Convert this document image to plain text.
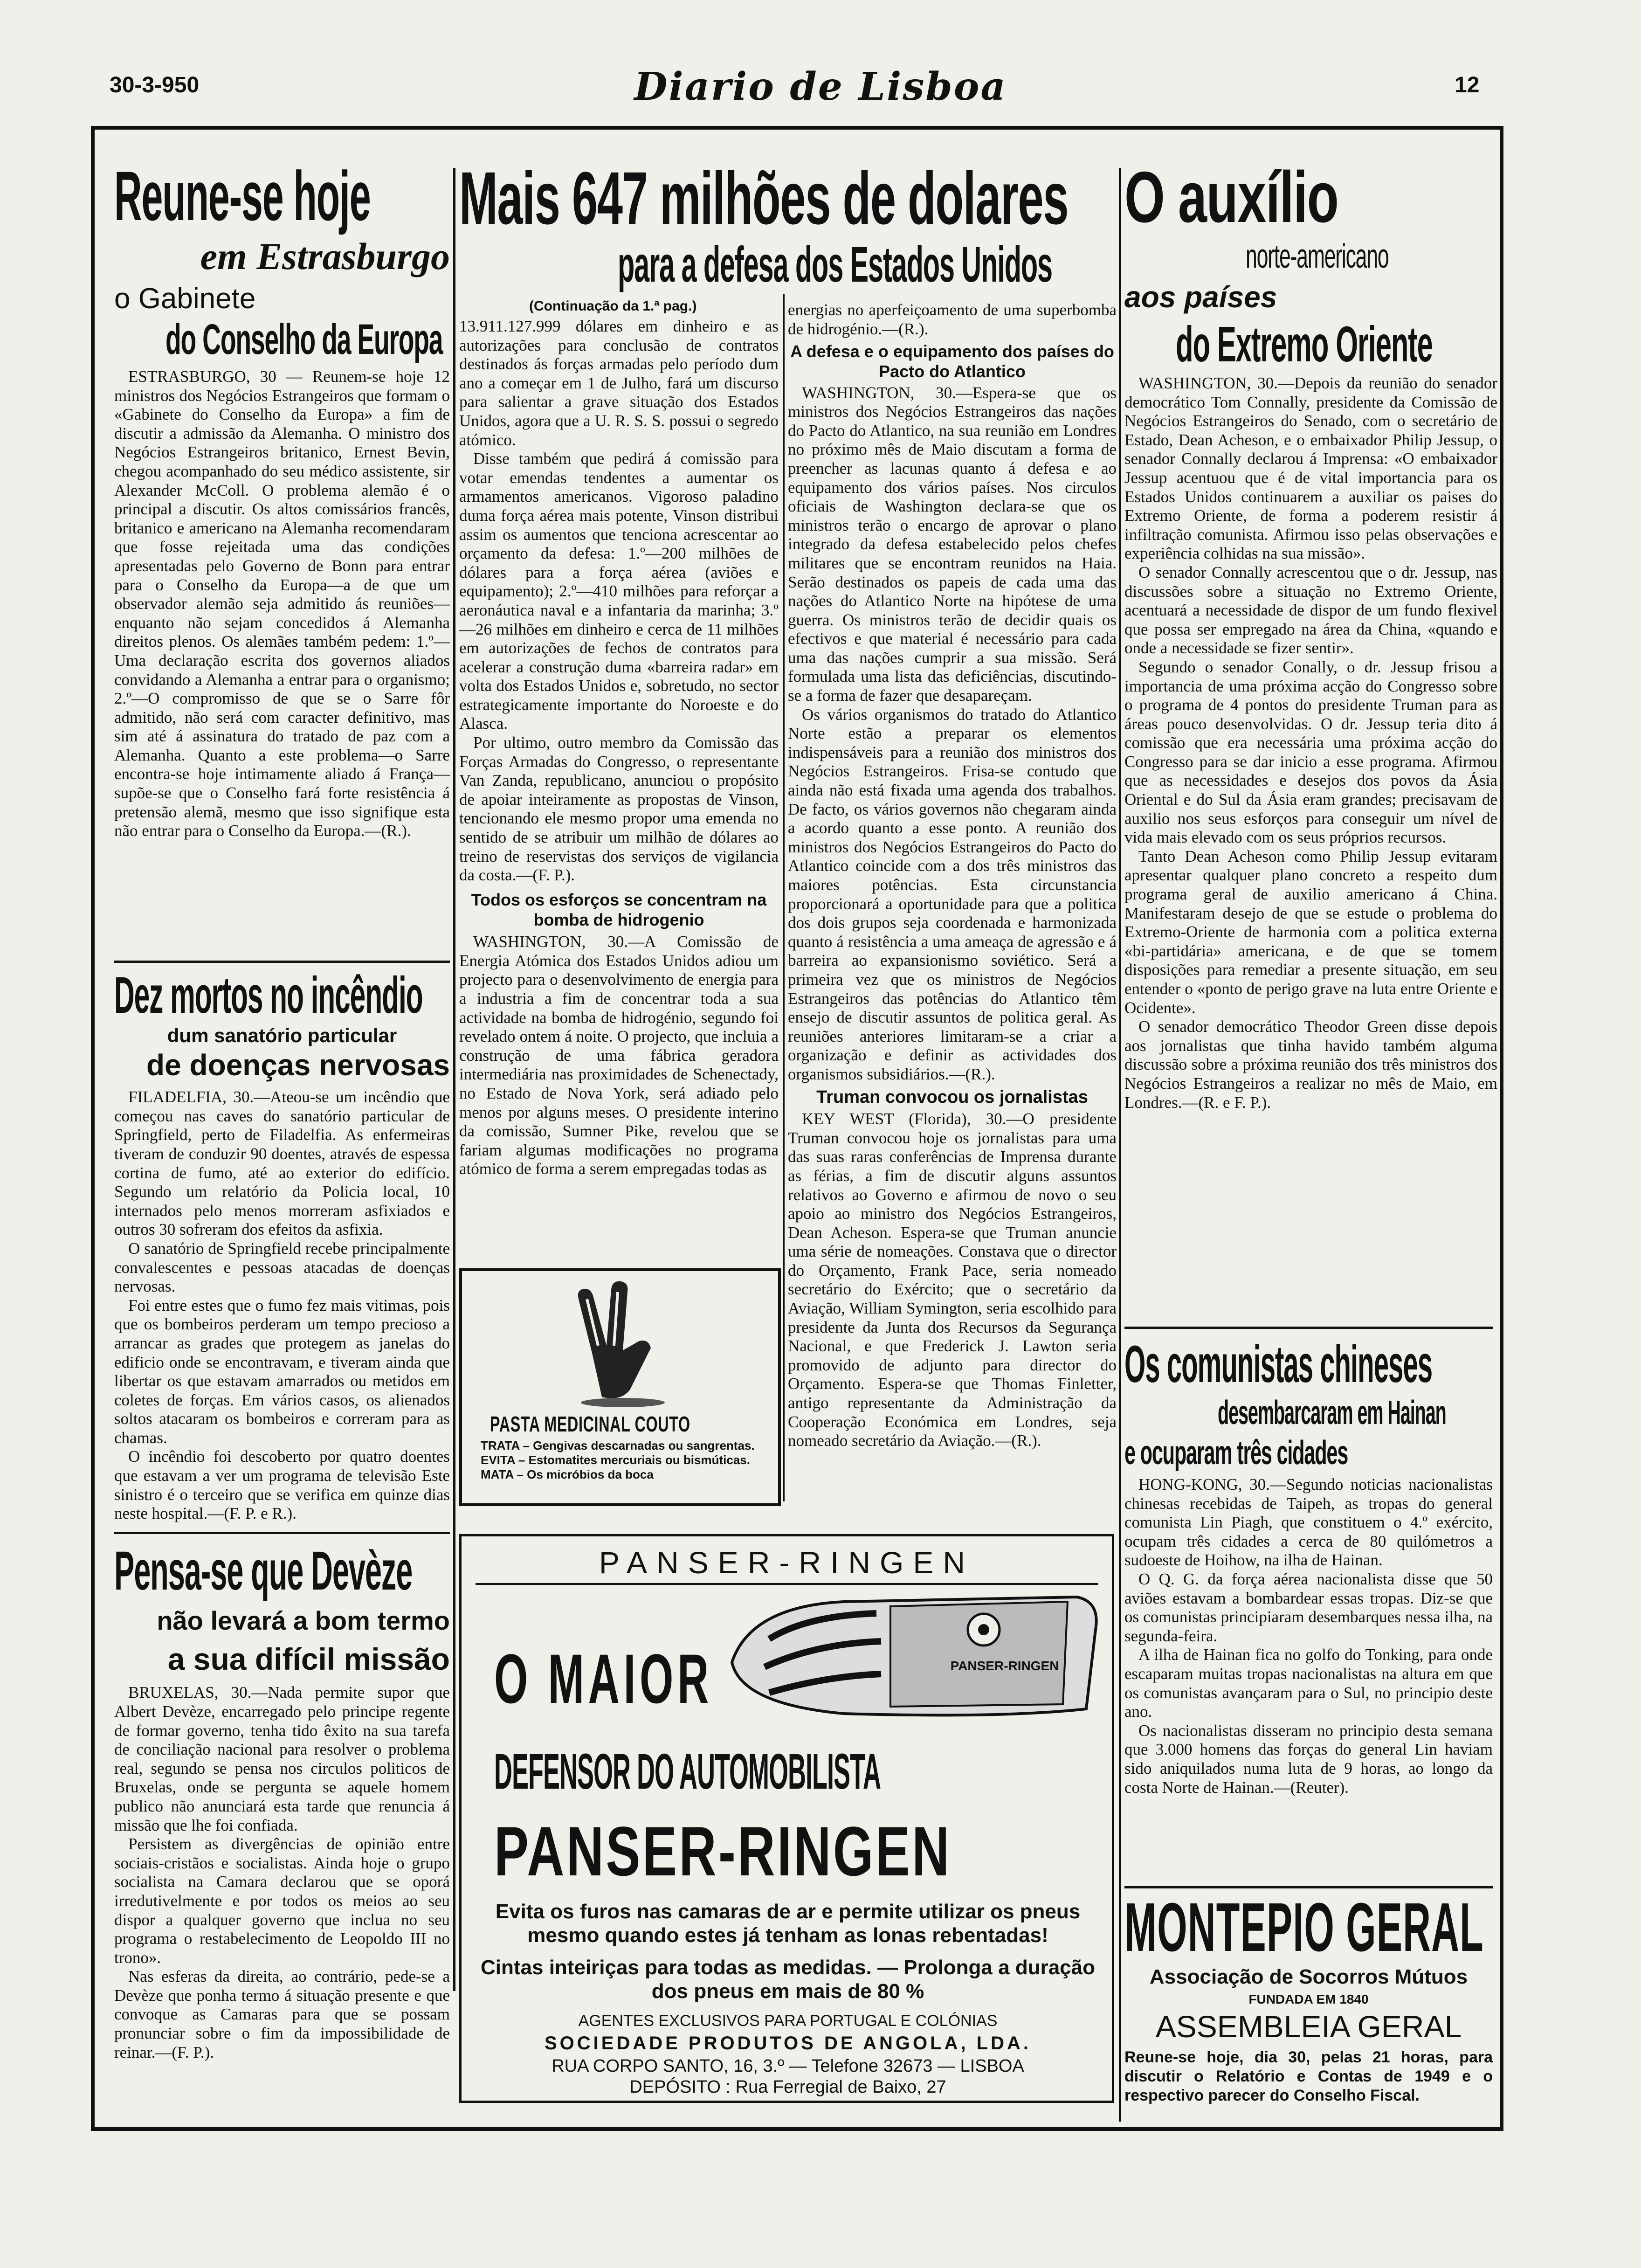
30-3-950	Diario de Lisboa	12
Reune-se hoje
em Estrasburgo
o Gabinete
do Conselho da Europa

ESTRASBURGO, 30 — Reunem-se hoje 12 ministros dos Negócios Estrangeiros que formam o «Gabinete do Conselho da Europa» a fim de discutir a admissão da Alemanha. O ministro dos Negócios Estrangeiros britanico, Ernest Bevin, chegou acompanhado do seu médico assistente, sir Alexander McColl. O problema alemão é o principal a discutir. Os altos comissários francês, britanico e americano na Alemanha recomendaram que fosse rejeitada uma das condições apresentadas pelo Governo de Bonn para entrar para o Conselho da Europa—a de que um observador alemão seja admitido ás reuniões—enquanto não sejam concedidos á Alemanha direitos plenos. Os alemães também pedem: 1.º—Uma declaração escrita dos governos aliados convidando a Alemanha a entrar para o organismo; 2.º—O compromisso de que se o Sarre fôr admitido, não será com caracter definitivo, mas sim até á assinatura do tratado de paz com a Alemanha. Quanto a este problema—o Sarre encontra-se hoje intimamente aliado á França—supõe-se que o Conselho fará forte resistência á pretensão alemã, mesmo que isso signifique esta não entrar para o Conselho da Europa.—(R.).

Dez mortos no incêndio
dum sanatório particular
de doenças nervosas

FILADELFIA, 30.—Ateou-se um incêndio que começou nas caves do sanatório particular de Springfield, perto de Filadelfia. As enfermeiras tiveram de conduzir 90 doentes, através de espessa cortina de fumo, até ao exterior do edifício. Segundo um relatório da Policia local, 10 internados pelo menos morreram asfixiados e outros 30 sofreram dos efeitos da asfixia.

O sanatório de Springfield recebe principalmente convalescentes e pessoas atacadas de doenças nervosas.

Foi entre estes que o fumo fez mais vitimas, pois que os bombeiros perderam um tempo precioso a arrancar as grades que protegem as janelas do edificio onde se encontravam, e tiveram ainda que libertar os que estavam amarrados ou metidos em coletes de forças. Em vários casos, os alienados soltos atacaram os bombeiros e correram para as chamas.

O incêndio foi descoberto por quatro doentes que estavam a ver um programa de televisão Este sinistro é o terceiro que se verifica em quinze dias neste hospital.—(F. P. e R.).

Pensa-se que Devèze
não levará a bom termo
a sua difícil missão

BRUXELAS, 30.—Nada permite supor que Albert Devèze, encarregado pelo principe regente de formar governo, tenha tido êxito na sua tarefa de conciliação nacional para resolver o problema real, segundo se pensa nos circulos politicos de Bruxelas, onde se pergunta se aquele homem publico não anunciará esta tarde que renuncia á missão que lhe foi confiada.

Persistem as divergências de opinião entre sociais-cristãos e socialistas. Ainda hoje o grupo socialista na Camara declarou que se oporá irredutivelmente e por todos os meios ao seu dispor a qualquer governo que inclua no seu programa o restabelecimento de Leopoldo III no trono».

Nas esferas da direita, ao contrário, pede-se a Devèze que ponha termo á situação presente e que convoque as Camaras para que se possam pronunciar sobre o fim da impossibilidade de reinar.—(F. P.).

Mais 647 milhões de dolares
para a defesa dos Estados Unidos
(Continuação da 1.ª pag.)

13.911.127.999 dólares em dinheiro e as autorizações para conclusão de contratos destinados ás forças armadas pelo período dum ano a começar em 1 de Julho, fará um discurso para salientar a grave situação dos Estados Unidos, agora que a U. R. S. S. possui o segredo atómico.

Disse também que pedirá á comissão para votar emendas tendentes a aumentar os armamentos americanos. Vigoroso paladino duma força aérea mais potente, Vinson distribui assim os aumentos que tenciona acrescentar ao orçamento da defesa: 1.º—200 milhões de dólares para a força aérea (aviões e equipamento); 2.º—410 milhões para reforçar a aeronáutica naval e a infantaria da marinha; 3.º—26 milhões em dinheiro e cerca de 11 milhões em autorizações de fechos de contratos para acelerar a construção duma «barreira radar» em volta dos Estados Unidos e, sobretudo, no sector estrategicamente importante do Noroeste e do Alasca.

Por ultimo, outro membro da Comissão das Forças Armadas do Congresso, o representante Van Zanda, republicano, anunciou o propósito de apoiar inteiramente as propostas de Vinson, tencionando ele mesmo propor uma emenda no sentido de se atribuir um milhão de dólares ao treino de reservistas dos serviços de vigilancia da costa.—(F. P.).

Todos os esforços se concentram na bomba de hidrogenio

WASHINGTON, 30.—A Comissão de Energia Atómica dos Estados Unidos adiou um projecto para o desenvolvimento de energia para a industria a fim de concentrar toda a sua actividade na bomba de hidrogénio, segundo foi revelado ontem á noite. O projecto, que incluia a construção de uma fábrica geradora intermediária nas proximidades de Schenectady, no Estado de Nova York, será adiado pelo menos por alguns meses. O presidente interino da comissão, Sumner Pike, revelou que se fariam algumas modificações no programa atómico de forma a serem empregadas todas as

energias no aperfeiçoamento de uma superbomba de hidrogénio.—(R.).

A defesa e o equipamento dos países do Pacto do Atlantico

WASHINGTON, 30.—Espera-se que os ministros dos Negócios Estrangeiros das nações do Pacto do Atlantico, na sua reunião em Londres no próximo mês de Maio discutam a forma de preencher as lacunas quanto á defesa e ao equipamento dos vários países. Nos circulos oficiais de Washington declara-se que os ministros terão o encargo de aprovar o plano integrado da defesa estabelecido pelos chefes militares que se encontram reunidos na Haia. Serão destinados os papeis de cada uma das nações do Atlantico Norte na hipótese de uma guerra. Os ministros terão de decidir quais os efectivos e que material é necessário para cada uma das nações cumprir a sua missão. Será formulada uma lista das deficiências, discutindo-se a forma de fazer que desapareçam.

Os vários organismos do tratado do Atlantico Norte estão a preparar os elementos indispensáveis para a reunião dos ministros dos Negócios Estrangeiros. Frisa-se contudo que ainda não está fixada uma agenda dos trabalhos. De facto, os vários governos não chegaram ainda a acordo quanto a esse ponto. A reunião dos ministros dos Negócios Estrangeiros do Pacto do Atlantico coincide com a dos três ministros das maiores potências. Esta circunstancia proporcionará a oportunidade para que a politica dos dois grupos seja coordenada e harmonizada quanto á resistência a uma ameaça de agressão e á barreira ao expansionismo soviético. Será a primeira vez que os ministros de Negócios Estrangeiros das potências do Atlantico têm ensejo de discutir assuntos de politica geral. As reuniões anteriores limitaram-se a criar a organização e definir as actividades dos organismos subsidiários.—(R.).

Truman convocou os jornalistas

KEY WEST (Florida), 30.—O presidente Truman convocou hoje os jornalistas para uma das suas raras conferências de Imprensa durante as férias, a fim de discutir alguns assuntos relativos ao Governo e afirmou de novo o seu apoio ao ministro dos Negócios Estrangeiros, Dean Acheson. Espera-se que Truman anuncie uma série de nomeações. Constava que o director do Orçamento, Frank Pace, seria nomeado secretário do Exército; que o secretário da Aviação, William Symington, seria escolhido para presidente da Junta dos Recursos da Segurança Nacional, e que Frederick J. Lawton seria promovido de adjunto para director do Orçamento. Espera-se que Thomas Finletter, antigo representante da Administração da Cooperação Económica em Londres, seja nomeado secretário da Aviação.—(R.).

PASTA MEDICINAL COUTO
TRATA – Gengivas descarnadas ou sangrentas.
EVITA – Estomatites mercuriais ou bismúticas.
MATA – Os micróbios da boca
PANSER-RINGEN
PANSER-RINGEN
O MAIOR
DEFENSOR DO AUTOMOBILISTA
PANSER-RINGEN
Evita os furos nas camaras de ar e permite utilizar os pneus mesmo quando estes já tenham as lonas rebentadas!
Cintas inteiriças para todas as medidas. — Prolonga a duração dos pneus em mais de 80 %
AGENTES EXCLUSIVOS PARA PORTUGAL E COLÓNIAS
SOCIEDADE PRODUTOS DE ANGOLA, LDA.
RUA CORPO SANTO, 16, 3.º — Telefone 32673 — LISBOA
DEPÓSITO : Rua Ferregial de Baixo, 27
O auxílio
norte-americano
aos países
do Extremo Oriente

WASHINGTON, 30.—Depois da reunião do senador democrático Tom Connally, presidente da Comissão de Negócios Estrangeiros do Senado, com o secretário de Estado, Dean Acheson, e o embaixador Philip Jessup, o senador Connally declarou á Imprensa: «O embaixador Jessup acentuou que é de vital importancia para os Estados Unidos continuarem a auxiliar os paises do Extremo Oriente, de forma a poderem resistir á infiltração comunista. Afirmou isso pelas observações e experiência colhidas na sua missão».

O senador Connally acrescentou que o dr. Jessup, nas discussões sobre a situação no Extremo Oriente, acentuará a necessidade de dispor de um fundo flexivel que possa ser empregado na área da China, «quando e onde a necessidade se fizer sentir».

Segundo o senador Conally, o dr. Jessup frisou a importancia de uma próxima acção do Congresso sobre o programa de 4 pontos do presidente Truman para as áreas pouco desenvolvidas. O dr. Jessup teria dito á comissão que era necessária uma próxima acção do Congresso para se dar inicio a esse programa. Afirmou que as necessidades e desejos dos povos da Ásia Oriental e do Sul da Ásia eram grandes; precisavam de auxilio nos seus esforços para conseguir um nível de vida mais elevado com os seus próprios recursos.

Tanto Dean Acheson como Philip Jessup evitaram apresentar qualquer plano concreto a respeito dum programa geral de auxilio americano á China. Manifestaram desejo de que se estude o problema do Extremo-Oriente de harmonia com a politica externa «bi-partidária» americana, e de que se tomem disposições para remediar a presente situação, em seu entender o «ponto de perigo grave na luta entre Oriente e Ocidente».

O senador democrático Theodor Green disse depois aos jornalistas que tinha havido também alguma discussão sobre a próxima reunião dos três ministros dos Negócios Estrangeiros a realizar no mês de Maio, em Londres.—(R. e F. P.).

Os comunistas chineses
desembarcaram em Hainan
e ocuparam três cidades

HONG-KONG, 30.—Segundo noticias nacionalistas chinesas recebidas de Taipeh, as tropas do general comunista Lin Piagh, que constituem o 4.º exército, ocupam três cidades a cerca de 80 quilómetros a sudoeste de Hoihow, na ilha de Hainan.

O Q. G. da força aérea nacionalista disse que 50 aviões estavam a bombardear essas tropas. Diz-se que os comunistas principiaram desembarques nessa ilha, na segunda-feira.

A ilha de Hainan fica no golfo do Tonking, para onde escaparam muitas tropas nacionalistas na altura em que os comunistas avançaram para o Sul, no principio deste ano.

Os nacionalistas disseram no principio desta semana que 3.000 homens das forças do general Lin haviam sido aniquilados numa luta de 9 horas, ao longo da costa Norte de Hainan.—(Reuter).

MONTEPIO GERAL
Associação de Socorros Mútuos
FUNDADA EM 1840
ASSEMBLEIA GERAL
Reune-se hoje, dia 30, pelas 21 horas, para discutir o Relatório e Contas de 1949 e o respectivo parecer do Conselho Fiscal.
